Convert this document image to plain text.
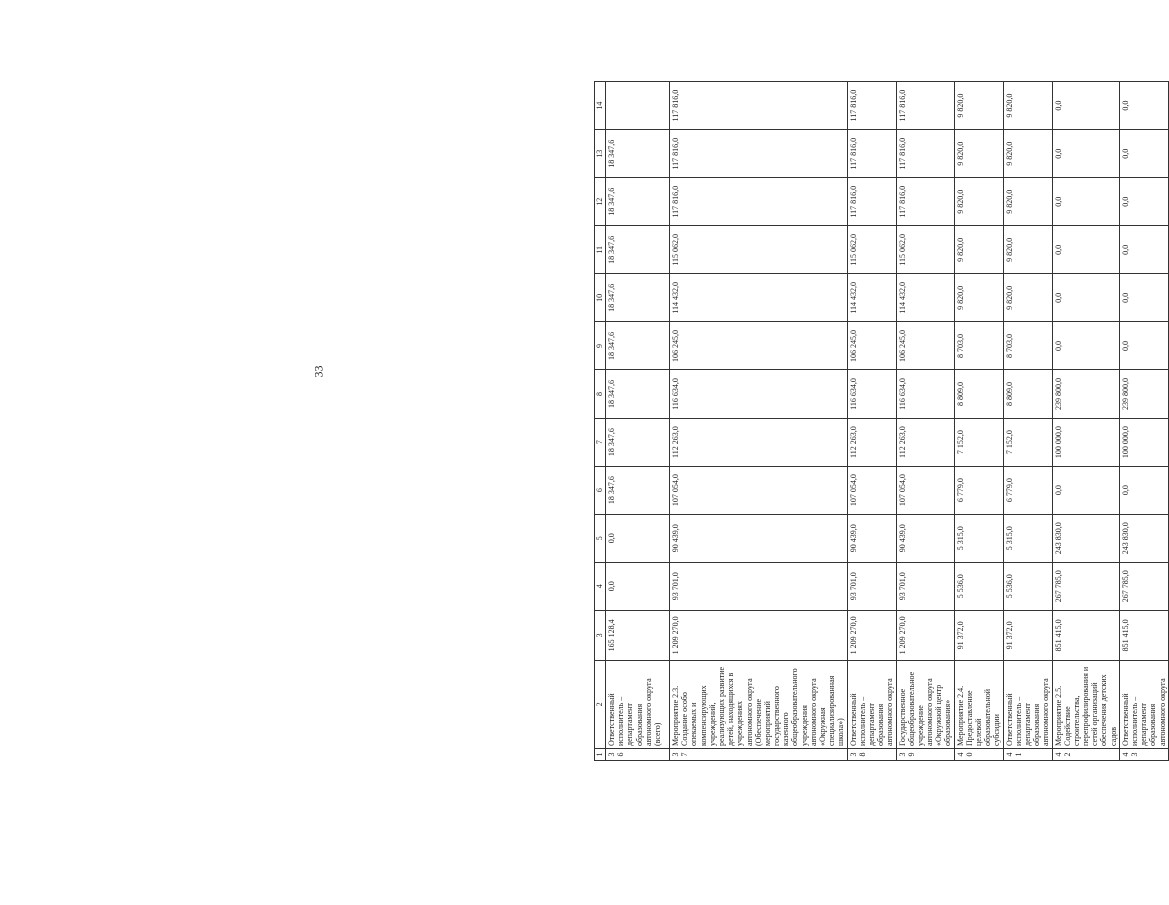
33
1	2	3	4	5	6	7	8	9	10	11	12	13	14
36	Ответственный исполнитель – департамент образования автономного округа (всего)	165 128,4	0,0	0,0	18 347,6	18 347,6	18 347,6	18 347,6	18 347,6	18 347,6	18 347,6	18 347,6	
37	Мероприятие 2.3. Создание особо опекаемых и компенсирующих учреждений, реализующих развитие детей, находящихся в учреждениях автономного округа (Обеспечение мероприятий государственного казенного общеобразовательного учреждения автономного округа «Окружная специализированная школа»)	1 209 270,0	93 701,0	90 439,0	107 054,0	112 263,0	116 634,0	106 245,0	114 432,0	115 062,0	117 816,0	117 816,0	117 816,0
38	Ответственный исполнитель – департамент образования автономного округа	1 209 270,0	93 701,0	90 439,0	107 054,0	112 263,0	116 634,0	106 245,0	114 432,0	115 062,0	117 816,0	117 816,0	117 816,0
39	Государственное общеобразовательное учреждение автономного округа «Окружной центр образования»	1 209 270,0	93 701,0	90 439,0	107 054,0	112 263,0	116 634,0	106 245,0	114 432,0	115 062,0	117 816,0	117 816,0	117 816,0
40	Мероприятие 2.4. Предоставление целевой образовательной субсидии	91 372,0	5 536,0	5 315,0	6 779,0	7 152,0	8 809,0	8 703,0	9 820,0	9 820,0	9 820,0	9 820,0	9 820,0
41	Ответственный исполнитель – департамент образования автономного округа	91 372,0	5 536,0	5 315,0	6 779,0	7 152,0	8 809,0	8 703,0	9 820,0	9 820,0	9 820,0	9 820,0	9 820,0
42	Мероприятие 2.5. Содействие строительства, перепрофилирования и сетей организаций обеспечения детских садов	851 415,0	267 785,0	243 830,0	0,0	100 000,0	239 800,0	0,0	0,0	0,0	0,0	0,0	0,0
43	Ответственный исполнитель – департамент образования автономного округа	851 415,0	267 785,0	243 830,0	0,0	100 000,0	239 800,0	0,0	0,0	0,0	0,0	0,0	0,0
